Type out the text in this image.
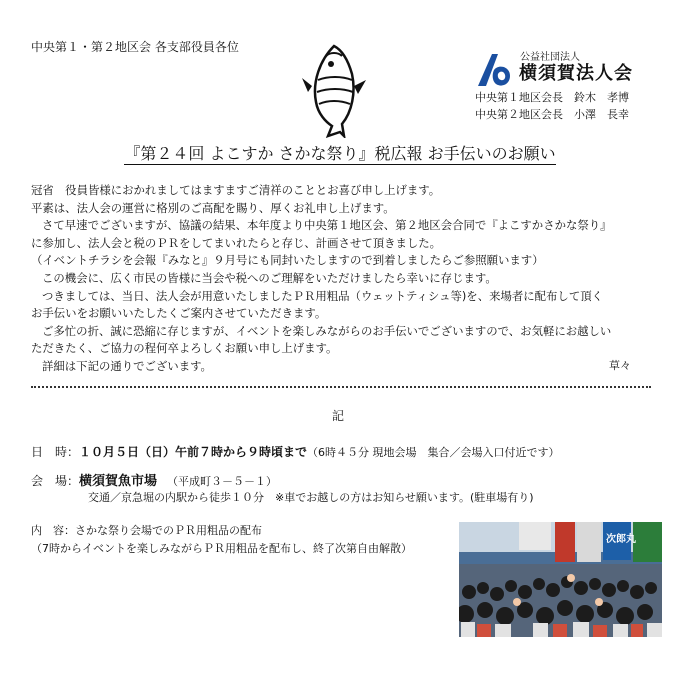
中央第１・第２地区会 各支部役員各位
公益社団法人
横須賀法人会
中央第１地区会長　鈴木　孝博
中央第２地区会長　小澤　長幸
『第２４回 よこすか さかな祭り』税広報 お手伝いのお願い
冠省　役員皆様におかれましてはますますご清祥のこととお喜び申し上げます。
平素は、法人会の運営に格別のご高配を賜り、厚くお礼申し上げます。
さて早速でございますが、協議の結果、本年度より中央第１地区会、第２地区会合同で『よこすかさかな祭り』
に参加し、法人会と税のＰＲをしてまいれたらと存じ、計画させて頂きました。
（イベントチラシを会報『みなと』９月号にも同封いたしますので到着しましたらご参照願います）
この機会に、広く市民の皆様に当会や税へのご理解をいただけましたら幸いに存じます。
つきましては、当日、法人会が用意いたしましたＰＲ用粗品（ウェットティシュ等)を、来場者に配布して頂く
お手伝いをお願いいたしたくご案内させていただきます。
ご多忙の折、誠に恐縮に存じますが、イベントを楽しみながらのお手伝いでございますので、お気軽にお越しい
ただきたく、ご協力の程何卒よろしくお願い申し上げます。
詳細は下記の通りでございます。	草々
記
日　時：１０月５日（日）午前７時から９時頃まで（6時４５分 現地会場　集合／会場入口付近です）
会　場：横須賀魚市場 （平成町３－５－１）
交通／京急堀の内駅から徒歩１０分　※車でお越しの方はお知らせ願います。(駐車場有り)
内　容：さかな祭り会場でのＰＲ用粗品の配布
（7時からイベントを楽しみながらＰＲ用粗品を配布し、終了次第自由解散）
次郎丸
